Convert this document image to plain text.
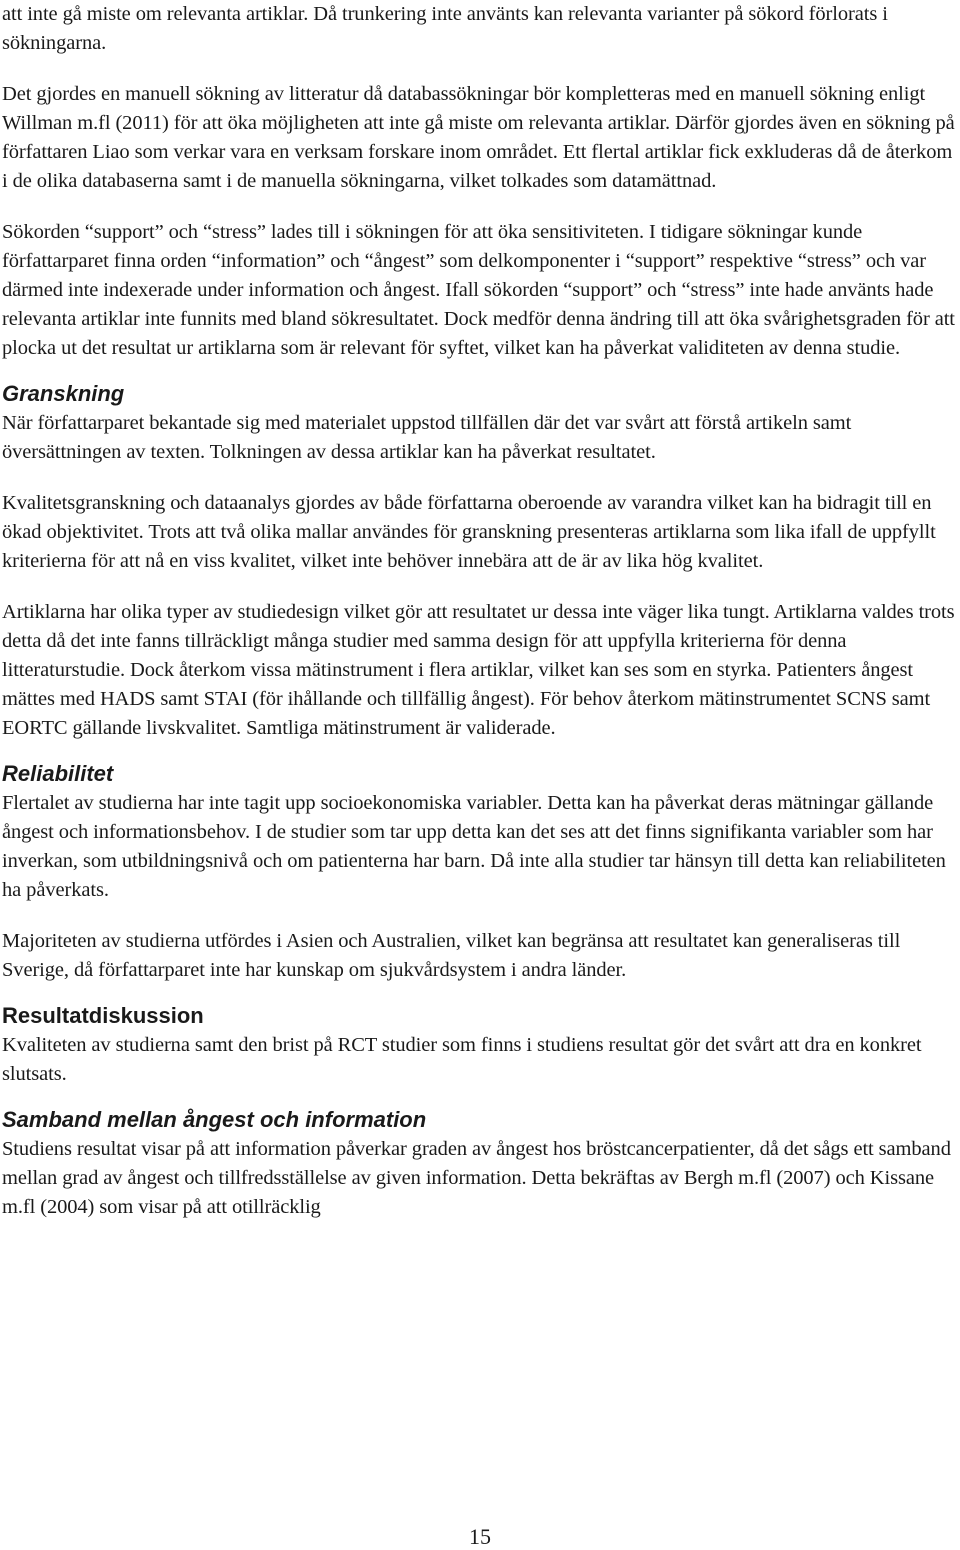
att inte gå miste om relevanta artiklar. Då trunkering inte använts kan relevanta varianter på sökord förlorats i sökningarna.

Det gjordes en manuell sökning av litteratur då databassökningar bör kompletteras med en manuell sökning enligt Willman m.fl (2011) för att öka möjligheten att inte gå miste om relevanta artiklar. Därför gjordes även en sökning på författaren Liao som verkar vara en verksam forskare inom området. Ett flertal artiklar fick exkluderas då de återkom i de olika databaserna samt i de manuella sökningarna, vilket tolkades som datamättnad.

Sökorden “support” och “stress” lades till i sökningen för att öka sensitiviteten. I tidigare sökningar kunde författarparet finna orden “information” och “ångest” som delkomponenter i “support” respektive “stress” och var därmed inte indexerade under information och ångest. Ifall sökorden “support” och “stress” inte hade använts hade relevanta artiklar inte funnits med bland sökresultatet. Dock medför denna ändring till att öka svårighetsgraden för att plocka ut det resultat ur artiklarna som är relevant för syftet, vilket kan ha påverkat validiteten av denna studie.

Granskning

När författarparet bekantade sig med materialet uppstod tillfällen där det var svårt att förstå artikeln samt översättningen av texten. Tolkningen av dessa artiklar kan ha påverkat resultatet.

Kvalitetsgranskning och dataanalys gjordes av både författarna oberoende av varandra vilket kan ha bidragit till en ökad objektivitet. Trots att två olika mallar användes för granskning presenteras artiklarna som lika ifall de uppfyllt kriterierna för att nå en viss kvalitet, vilket inte behöver innebära att de är av lika hög kvalitet.

Artiklarna har olika typer av studiedesign vilket gör att resultatet ur dessa inte väger lika tungt. Artiklarna valdes trots detta då det inte fanns tillräckligt många studier med samma design för att uppfylla kriterierna för denna litteraturstudie. Dock återkom vissa mätinstrument i flera artiklar, vilket kan ses som en styrka. Patienters ångest mättes med HADS samt STAI (för ihållande och tillfällig ångest). För behov återkom mätinstrumentet SCNS samt EORTC gällande livskvalitet. Samtliga mätinstrument är validerade.

Reliabilitet

Flertalet av studierna har inte tagit upp socioekonomiska variabler. Detta kan ha påverkat deras mätningar gällande ångest och informationsbehov. I de studier som tar upp detta kan det ses att det finns signifikanta variabler som har inverkan, som utbildningsnivå och om patienterna har barn. Då inte alla studier tar hänsyn till detta kan reliabiliteten ha påverkats.

Majoriteten av studierna utfördes i Asien och Australien, vilket kan begränsa att resultatet kan generaliseras till Sverige, då författarparet inte har kunskap om sjukvårdsystem i andra länder.

Resultatdiskussion

Kvaliteten av studierna samt den brist på RCT studier som finns i studiens resultat gör det svårt att dra en konkret slutsats.

Samband mellan ångest och information

Studiens resultat visar på att information påverkar graden av ångest hos bröstcancerpatienter, då det sågs ett samband mellan grad av ångest och tillfredsställelse av given information. Detta bekräftas av Bergh m.fl (2007) och Kissane m.fl (2004) som visar på att otillräcklig

15
